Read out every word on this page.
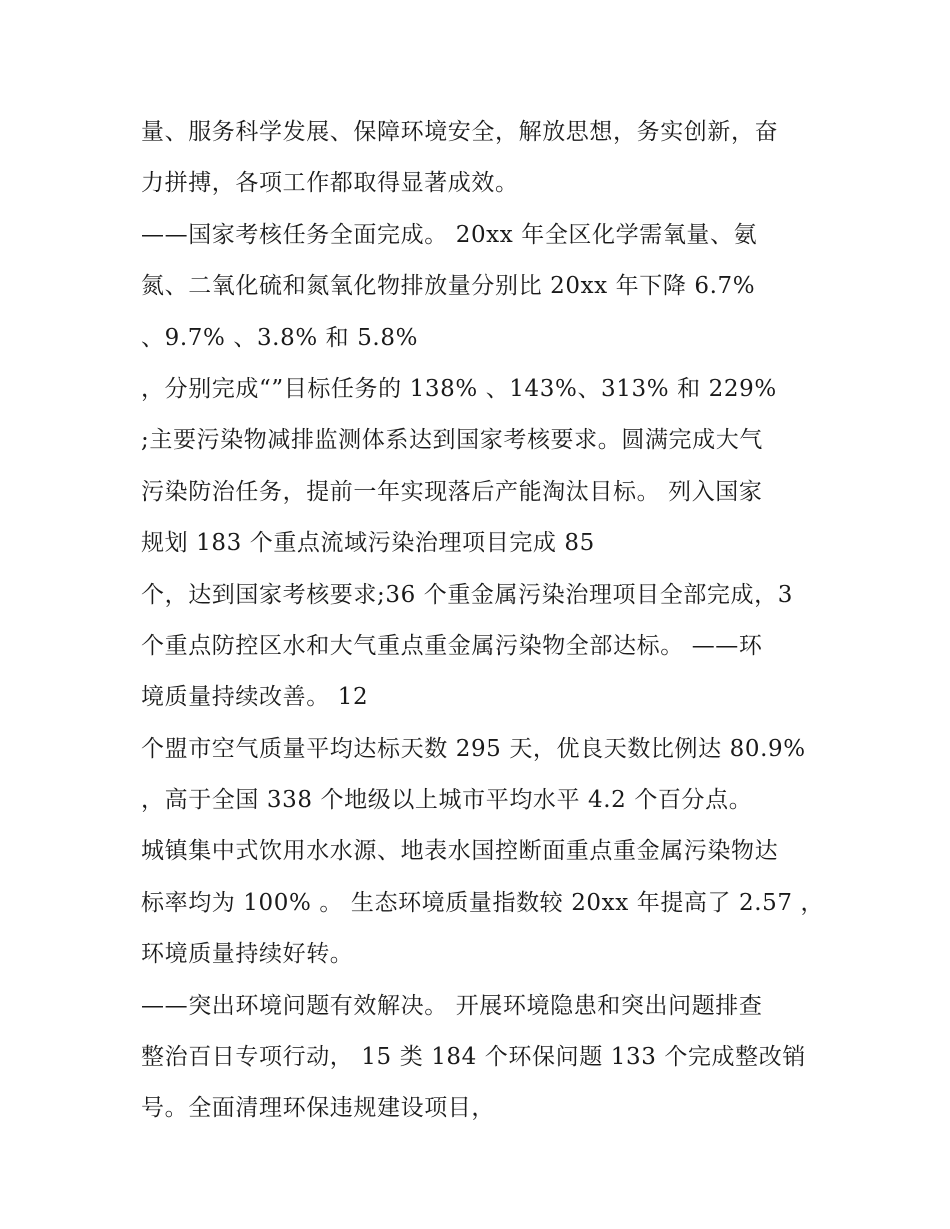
量、服务科学发展、保障环境安全，解放思想，务实创新，奋
力拼搏，各项工作都取得显著成效。
——国家考核任务全面完成。 20xx 年全区化学需氧量、氨
氮、二氧化硫和氮氧化物排放量分别比 20xx 年下降 6.7%
、9.7% 、3.8% 和 5.8%
，分别完成“”目标任务的 138% 、143%、313% 和 229%
;主要污染物减排监测体系达到国家考核要求。圆满完成大气
污染防治任务，提前一年实现落后产能淘汰目标。 列入国家
规划 183 个重点流域污染治理项目完成 85
个，达到国家考核要求;36 个重金属污染治理项目全部完成，3
个重点防控区水和大气重点重金属污染物全部达标。 ——环
境质量持续改善。 12
个盟市空气质量平均达标天数 295 天，优良天数比例达 80.9%
，高于全国 338 个地级以上城市平均水平 4.2 个百分点。
城镇集中式饮用水水源、地表水国控断面重点重金属污染物达
标率均为 100% 。 生态环境质量指数较 20xx 年提高了 2.57 ，
环境质量持续好转。
——突出环境问题有效解决。 开展环境隐患和突出问题排查
整治百日专项行动， 15 类 184 个环保问题 133 个完成整改销
号。全面清理环保违规建设项目，
